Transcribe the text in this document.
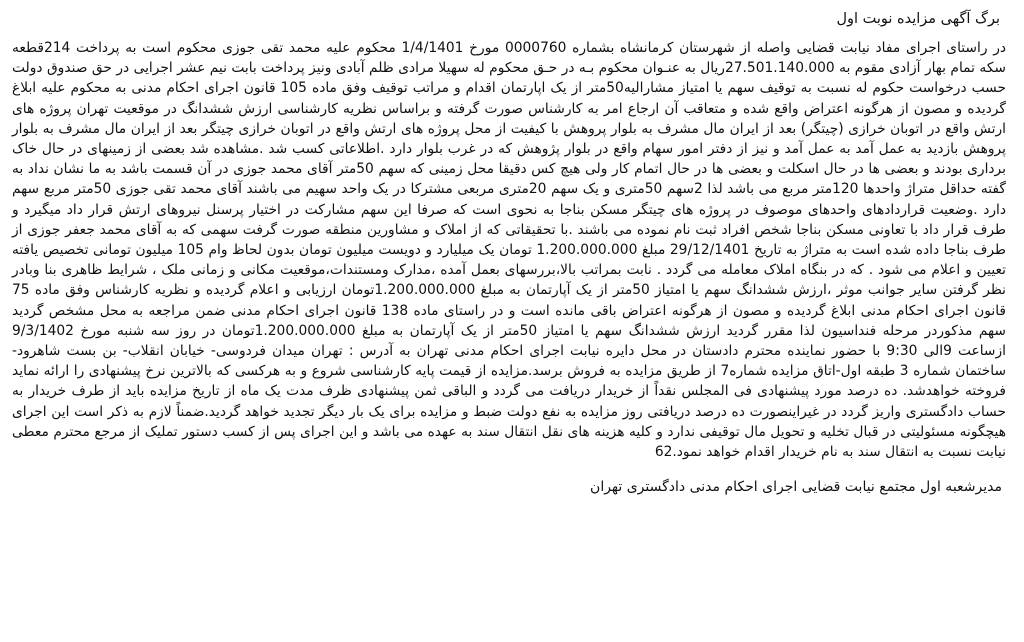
برگ آگهی مزایده نوبت اول

در راستای اجرای مفاد نیابت قضایی واصله از شهرستان کرمانشاه بشماره 0000760 مورخ 1/4/1401 محکوم علیه محمد تقی جوزی محکوم است به پرداخت 214قطعه سکه تمام بهار آزادی مقوم به 27.501.140.000ریال به عنـوان محکوم بـه در حـق محکوم له سهیلا مرادی ظلم آبادی ونیز پرداخت بابت نیم عشر اجرایی در حق صندوق دولت حسب درخواست حکوم له نسبت به توقیف سهم یا امتیاز مشارالیه50متر از یک اپارتمان اقدام و مراتب توقیف وفق ماده 105 قانون اجرای احکام مدنی به محکوم علیه ابلاغ گردیده و مصون از هرگونه اعتراض واقع شده و متعاقب آن ارجاع امر به کارشناس صورت گرفته و براساس نظریه کارشناسی ارزش ششدانگ در موقعیت تهران پروژه های ارتش واقع در اتوبان خرازی (چیتگر) بعد از ایران مال مشرف به بلوار پروهش با کیفیت از محل پروژه های ارتش واقع در اتوبان خرازی چیتگر بعد از ایران مال مشرف به بلوار پروهش بازدید به عمل آمد به عمل آمد و نیز از دفتر امور سهام واقع در بلوار پژوهش که در غرب بلوار دارد .اطلاعاتی کسب شد .مشاهده شد بعضی از زمینهای در حال خاک برداری بودند و بعضی ها در حال اسکلت و بعضی ها در حال اتمام کار ولی هیچ کس دقیقا محل زمینی که سهم 50متر آقای محمد جوزی در آن قسمت باشد به ما نشان نداد به گفته حداقل متراژ واحدها 120متر مربع می باشد لذا 2سهم 50متری و یک سهم 20متری مربعی مشترکا در یک واحد سهیم می باشند آقای محمد تقی جوزی 50متر مربع سهم دارد .وضعیت قراردادهای واحدهای موصوف در پروژه های چیتگر مسکن بناجا به نحوی است که صرفا این سهم مشارکت در اختیار پرسنل نیروهای ارتش قرار داد میگیرد و طرف قرار داد با تعاونی مسکن بناجا شخص افراد ثبت نام نموده می باشند .با تحقیقاتی که از املاک و مشاورین منطقه صورت گرفت سهمی که به آقای محمد جعفر جوزی از طرف بناجا داده شده است به متراژ به تاریخ 29/12/1401 مبلغ 1.200.000.000 تومان یک میلیارد و دویست میلیون تومان بدون لحاظ وام 105 میلیون تومانی تخصیص یافته تعیین و اعلام می شود . که در بنگاه املاک معامله می گردد . نابت بمراتب بالا،بررسهای بعمل آمده ،مدارک ومستندات،موقعیت مکانی و زمانی ملک ، شرایط ظاهری بنا وبادر نظر گرفتن سایر جوانب موثر ،ارزش ششدانگ سهم یا امتیاز 50متر از یک آپارتمان به مبلغ 1.200.000.000تومان ارزیابی و اعلام گردیده و نظریه کارشناس وفق ماده 75 قانون اجرای احکام مدنی ابلاغ گردیده و مصون از هرگونه اعتراض باقی مانده است و در راستای ماده 138 قانون اجرای احکام مدنی ضمن مراجعه به محل مشخص گردید سهم مذکوردر مرحله فنداسیون لذا مقرر گردید ارزش ششدانگ سهم یا امتیاز 50متر از یک آپارتمان به مبلغ 1.200.000.000تومان در روز سه شنبه مورخ 9/3/1402 ازساعت 9الی 9:30 با حضور نماینده محترم دادستان در محل دایره نیابت اجرای احکام مدنی تهران به آدرس : تهران میدان فردوسی- خیابان انقلاب- بن بست شاهرود- ساختمان شماره 3 طبقه اول-اتاق مزایده شماره7 از طریق مزایده به فروش برسد.مزایده از قیمت پایه کارشناسی شروع و به هرکسی که بالاترین نرخ پیشنهادی را ارائه نماید فروخته خواهدشد. ده درصد مورد پیشنهادی فی المجلس نقداً از خریدار دریافت می گردد و الباقی ثمن پیشنهادی ظرف مدت یک ماه از تاریخ مزایده باید از طرف خریدار به حساب دادگستری واریز گردد در غیراینصورت ده درصد دریافتی روز مزایده به نفع دولت ضبط و مزایده برای یک بار دیگر تجدید خواهد گردید.ضمناً لازم به ذکر است این اجرای هیچگونه مسئولیتی در قبال تخلیه و تحویل مال توقیفی ندارد و کلیه هزینه های نقل انتقال سند به عهده می باشد و این اجرای پس از کسب دستور تملیک از مرجع محترم معطی نیابت نسبت به انتقال سند به نام خریدار اقدام خواهد نمود.62

مدیرشعبه اول مجتمع نیابت قضایی اجرای احکام مدنی دادگستری تهران
